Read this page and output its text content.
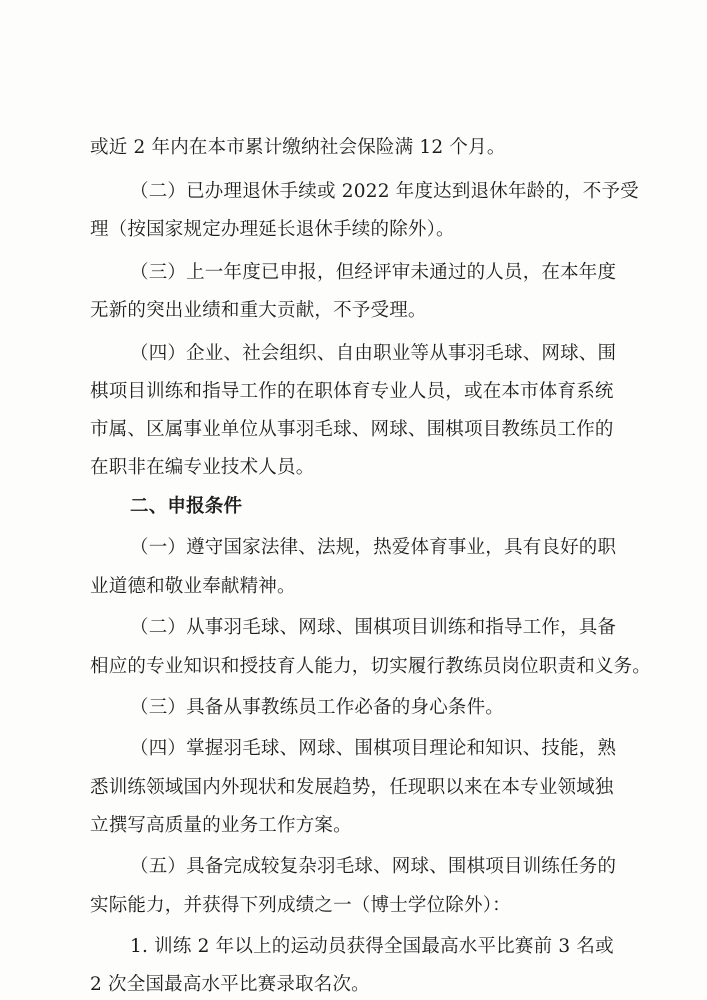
或近 2 年内在本市累计缴纳社会保险满 12 个月。
（二）已办理退休手续或 2022 年度达到退休年龄的，不予受
理（按国家规定办理延长退休手续的除外）。
（三）上一年度已申报，但经评审未通过的人员，在本年度
无新的突出业绩和重大贡献，不予受理。
（四）企业、社会组织、自由职业等从事羽毛球、网球、围
棋项目训练和指导工作的在职体育专业人员，或在本市体育系统
市属、区属事业单位从事羽毛球、网球、围棋项目教练员工作的
在职非在编专业技术人员。
二、申报条件
（一）遵守国家法律、法规，热爱体育事业，具有良好的职
业道德和敬业奉献精神。
（二）从事羽毛球、网球、围棋项目训练和指导工作，具备
相应的专业知识和授技育人能力，切实履行教练员岗位职责和义务。
（三）具备从事教练员工作必备的身心条件。
（四）掌握羽毛球、网球、围棋项目理论和知识、技能，熟
悉训练领域国内外现状和发展趋势，任现职以来在本专业领域独
立撰写高质量的业务工作方案。
（五）具备完成较复杂羽毛球、网球、围棋项目训练任务的
实际能力，并获得下列成绩之一（博士学位除外）：
1. 训练 2 年以上的运动员获得全国最高水平比赛前 3 名或
2 次全国最高水平比赛录取名次。
